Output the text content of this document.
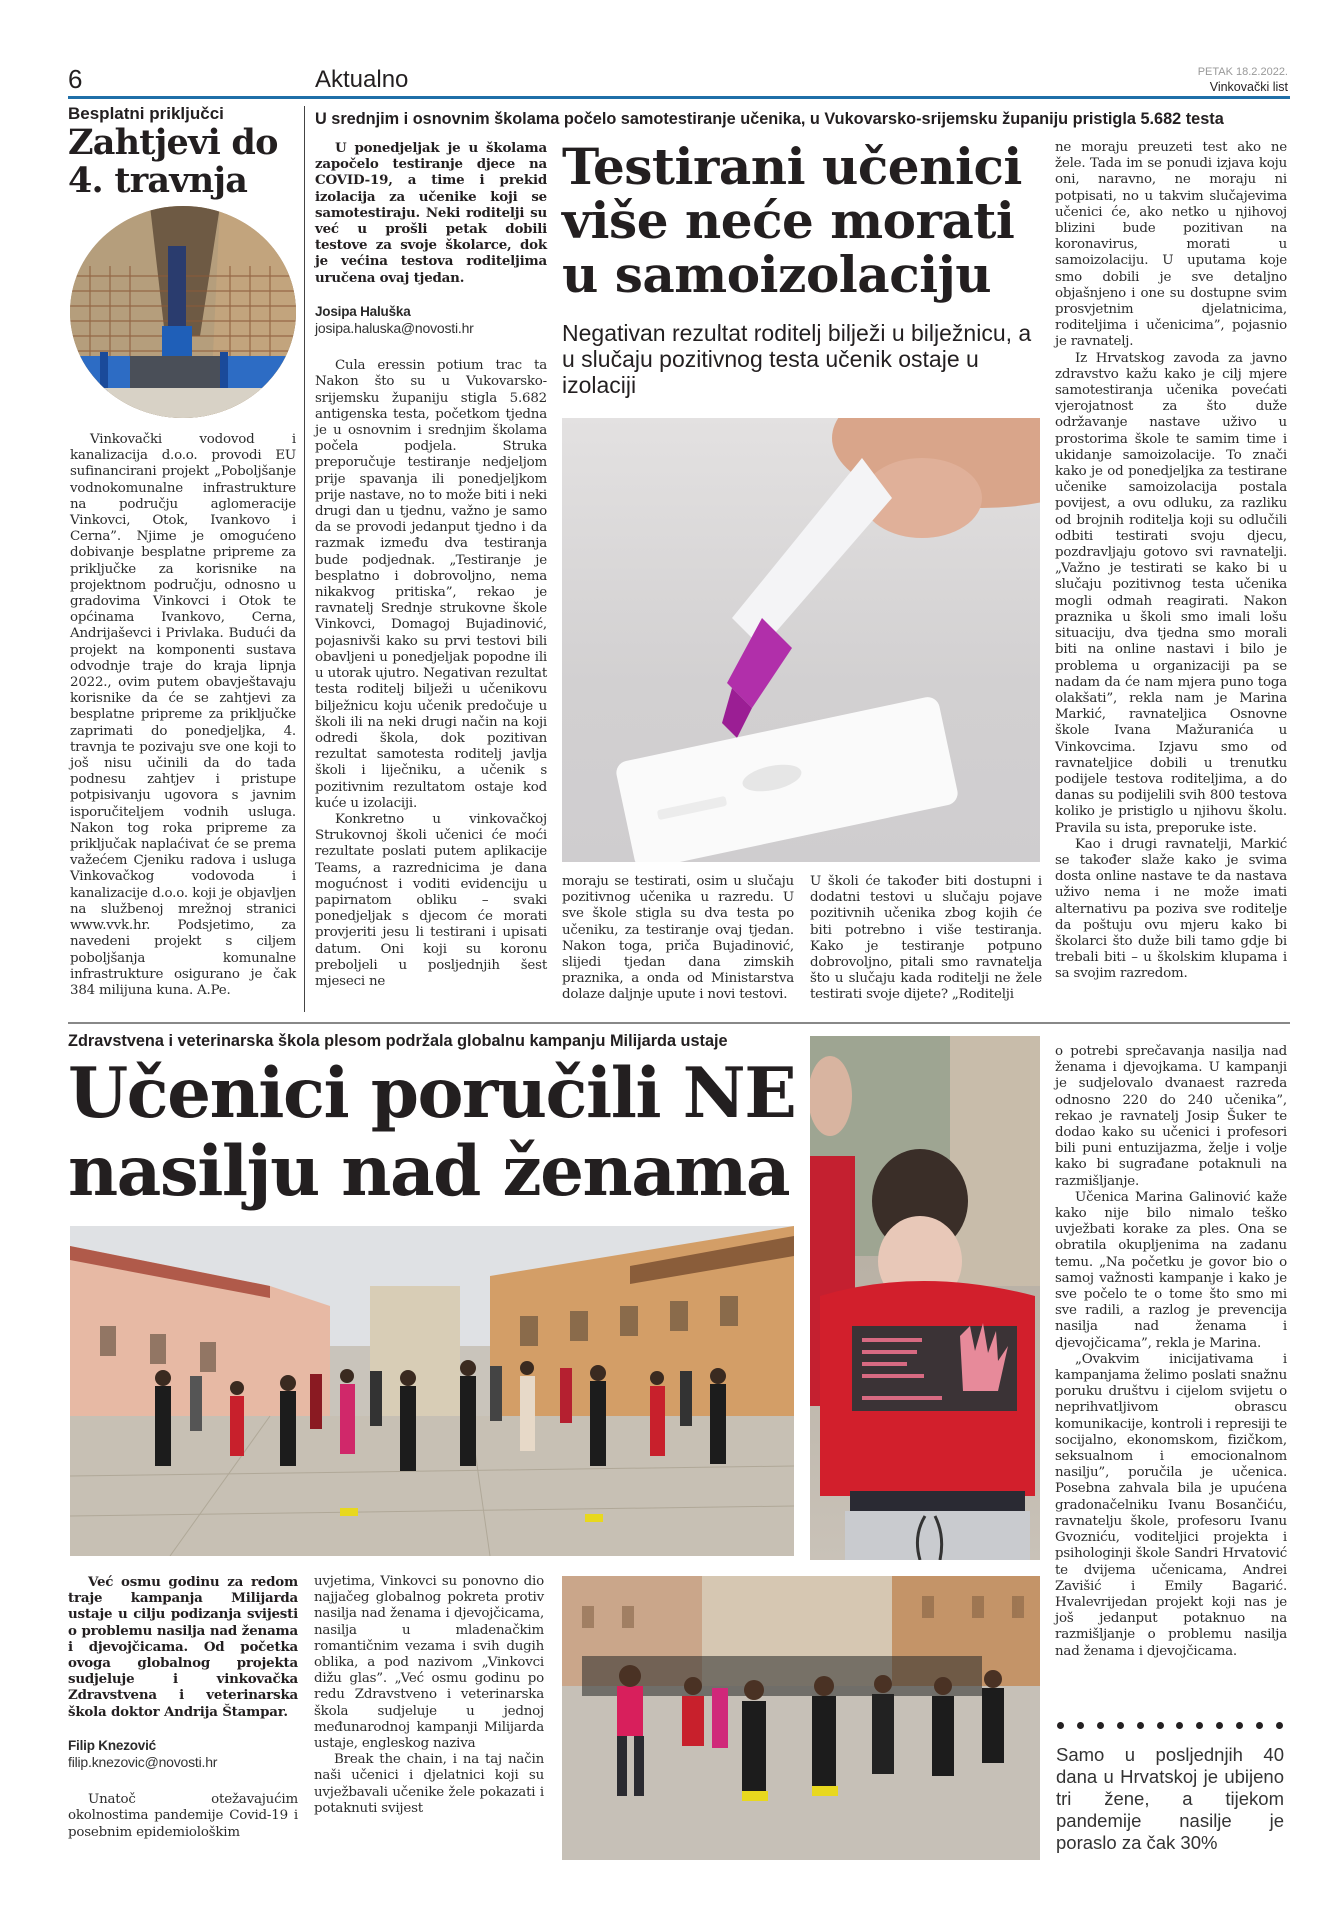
6	Aktualno	PETAK 18.2.2022.
Vinkovački list
Besplatni priključci
Zahtjevi do 4. travnja

Vinkovački vodovod i kanalizacija d.o.o. provodi EU sufinancirani projekt „Poboljšanje vodnokomunalne infrastrukture na području aglomeracije Vinkovci, Otok, Ivankovo i Cerna”. Njime je omogućeno dobivanje besplatne pripreme za priključke za korisnike na projektnom području, odnosno u gradovima Vinkovci i Otok te općinama Ivankovo, Cerna, Andrijaševci i Privlaka. Budući da projekt na komponenti sustava odvodnje traje do kraja lipnja 2022., ovim putem obavještavaju korisnike da će se zahtjevi za besplatne pripreme za priključke zaprimati do ponedjeljka, 4. travnja te pozivaju sve one koji to još nisu učinili da do tada podnesu zahtjev i pristupe potpisivanju ugovora s javnim isporučiteljem vodnih usluga. Nakon tog roka pripreme za priključak naplaćivat će se prema važećem Cjeniku radova i usluga Vinkovačkog vodovoda i kanalizacije d.o.o. koji je objavljen na službenoj mrežnoj stranici www.vvk.hr. Podsjetimo, za navedeni projekt s ciljem poboljšanja komunalne infrastrukture osigurano je čak 384 milijuna kuna. A.Pe.

U srednjim i osnovnim školama počelo samotestiranje učenika, u Vukovarsko-srijemsku županiju pristigla 5.682 testa

U ponedjeljak je u školama započelo testiranje djece na COVID-19, a time i prekid izolacija za učenike koji se samotestiraju. Neki roditelji su već u prošli petak dobili testove za svoje školarce, dok je većina testova roditeljima uručena ovaj tjedan.

Josipa Haluška
josipa.haluska@novosti.hr

Cula eressin potium trac ta Nakon što su u Vukovarsko-srijemsku županiju stigla 5.682 antigenska testa, početkom tjedna je u osnovnim i srednjim školama počela podjela. Struka preporučuje testiranje nedjeljom prije spavanja ili ponedjeljkom prije nastave, no to može biti i neki drugi dan u tjednu, važno je samo da se provodi jedanput tjedno i da razmak između dva testiranja bude podjednak. „Testiranje je besplatno i dobrovoljno, nema nikakvog pritiska”, rekao je ravnatelj Srednje strukovne škole Vinkovci, Domagoj Bujadinović, pojasnivši kako su prvi testovi bili obavljeni u ponedjeljak popodne ili u utorak ujutro. Negativan rezultat testa roditelj bilježi u učenikovu bilježnicu koju učenik predočuje u školi ili na neki drugi način na koji odredi škola, dok pozitivan rezultat samotesta roditelj javlja školi i liječniku, a učenik s pozitivnim rezultatom ostaje kod kuće u izolaciji.

Konkretno u vinkovačkoj Strukovnoj školi učenici će moći rezultate poslati putem aplikacije Teams, a razrednicima je dana mogućnost i voditi evidenciju u papirnatom obliku – svaki ponedjeljak s djecom će morati provjeriti jesu li testirani i upisati datum. Oni koji su koronu preboljeli u posljednjih šest mjeseci ne

Testirani učenici više neće morati u samoizolaciju
Negativan rezultat roditelj bilježi u bilježnicu, a u slučaju pozitivnog testa učenik ostaje u izolaciji

moraju se testirati, osim u slučaju pozitivnog učenika u razredu. U sve škole stigla su dva testa po učeniku, za testiranje ovaj tjedan. Nakon toga, priča Bujadinović, slijedi tjedan dana zimskih praznika, a onda od Ministarstva dolaze daljnje upute i novi testovi.

U školi će također biti dostupni i dodatni testovi u slučaju pojave pozitivnih učenika zbog kojih će biti potrebno i više testiranja. Kako je testiranje potpuno dobrovoljno, pitali smo ravnatelja što u slučaju kada roditelji ne žele testirati svoje dijete? „Roditelji

ne moraju preuzeti test ako ne žele. Tada im se ponudi izjava koju oni, naravno, ne moraju ni potpisati, no u takvim slučajevima učenici će, ako netko u njihovoj blizini bude pozitivan na koronavirus, morati u samoizolaciju. U uputama koje smo dobili je sve detaljno objašnjeno i one su dostupne svim prosvjetnim djelatnicima, roditeljima i učenicima”, pojasnio je ravnatelj.

Iz Hrvatskog zavoda za javno zdravstvo kažu kako je cilj mjere samotestiranja učenika povećati vjerojatnost za što duže održavanje nastave uživo u prostorima škole te samim time i ukidanje samoizolacije. To znači kako je od ponedjeljka za testirane učenike samoizolacija postala povijest, a ovu odluku, za razliku od brojnih roditelja koji su odlučili odbiti testirati svoju djecu, pozdravljaju gotovo svi ravnatelji. „Važno je testirati se kako bi u slučaju pozitivnog testa učenika mogli odmah reagirati. Nakon praznika u školi smo imali lošu situaciju, dva tjedna smo morali biti na online nastavi i bilo je problema u organizaciji pa se nadam da će nam mjera puno toga olakšati”, rekla nam je Marina Markić, ravnateljica Osnovne škole Ivana Mažuranića u Vinkovcima. Izjavu smo od ravnateljice dobili u trenutku podijele testova roditeljima, a do danas su podijelili svih 800 testova koliko je pristiglo u njihovu školu. Pravila su ista, preporuke iste.

Kao i drugi ravnatelji, Markić se također slaže kako je svima dosta online nastave te da nastava uživo nema i ne može imati alternativu pa poziva sve roditelje da poštuju ovu mjeru kako bi školarci što duže bili tamo gdje bi trebali biti – u školskim klupama i sa svojim razredom.

Zdravstvena i veterinarska škola plesom podržala globalnu kampanju Milijarda ustaje
Učenici poručili NE nasilju nad ženama

Već osmu godinu za redom traje kampanja Milijarda ustaje u cilju podizanja svijesti o problemu nasilja nad ženama i djevojčicama. Od početka ovoga globalnog projekta sudjeluje i vinkovačka Zdravstvena i veterinarska škola doktor Andrija Štampar.

Filip Knezović
filip.knezovic@novosti.hr

Unatoč otežavajućim okolnostima pandemije Covid-19 i posebnim epidemiološkim

uvjetima, Vinkovci su ponovno dio najjačeg globalnog pokreta protiv nasilja nad ženama i djevojčicama, nasilja u mladenačkim romantičnim vezama i svih dugih oblika, a pod nazivom „Vinkovci dižu glas”. „Već osmu godinu po redu Zdravstveno i veterinarska škola sudjeluje u jednoj međunarodnoj kampanji Milijarda ustaje, engleskog naziva

Break the chain, i na taj način naši učenici i djelatnici koji su uvježbavali učenike žele pokazati i potaknuti svijest

o potrebi sprečavanja nasilja nad ženama i djevojkama. U kampanji je sudjelovalo dvanaest razreda odnosno 220 do 240 učenika”, rekao je ravnatelj Josip Šuker te dodao kako su učenici i profesori bili puni entuzijazma, želje i volje kako bi sugrađane potaknuli na razmišljanje.

Učenica Marina Galinović kaže kako nije bilo nimalo teško uvježbati korake za ples. Ona se obratila okupljenima na zadanu temu. „Na početku je govor bio o samoj važnosti kampanje i kako je sve počelo te o tome što smo mi sve radili, a razlog je prevencija nasilja nad ženama i djevojčicama”, rekla je Marina.

„Ovakvim inicijativama i kampanjama želimo poslati snažnu poruku društvu i cijelom svijetu o neprihvatljivom obrascu komunikacije, kontroli i represiji te socijalno, ekonomskom, fizičkom, seksualnom i emocionalnom nasilju”, poručila je učenica. Posebna zahvala bila je upućena gradonačelniku Ivanu Bosančiću, ravnatelju škole, profesoru Ivanu Gvozniću, voditeljici projekta i psihologinji škole Sandri Hrvatović te dvijema učenicama, Andrei Zavišić i Emily Bagarić. Hvalevrijedan projekt koji nas je još jedanput potaknuo na razmišljanje o problemu nasilja nad ženama i djevojčicama.

Samo u posljednjih 40 dana u Hrvatskoj je ubijeno tri žene, a tijekom pandemije nasilje je poraslo za čak 30%
